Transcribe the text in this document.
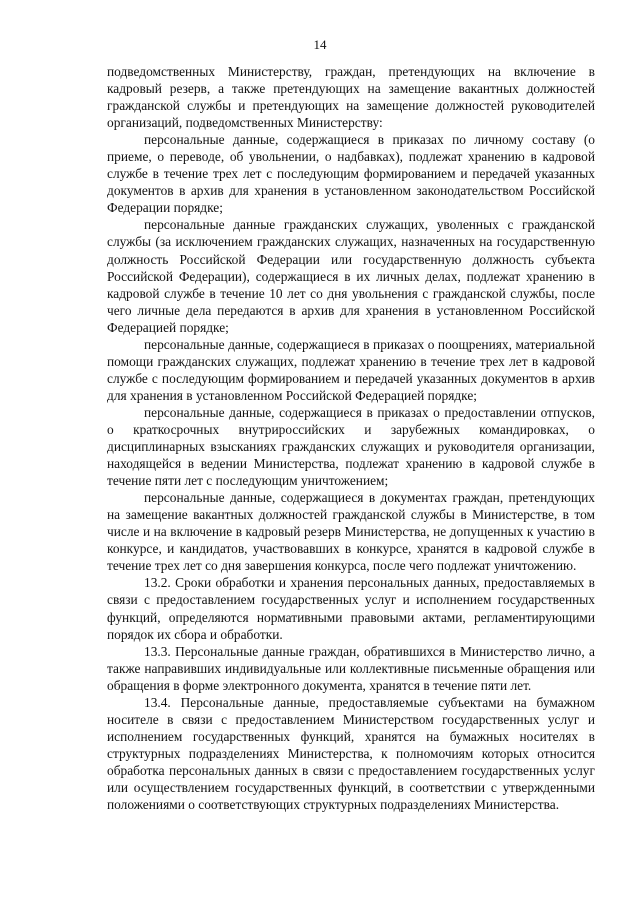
14

подведомственных Министерству, граждан, претендующих на включение в кадровый резерв, а также претендующих на замещение вакантных должностей гражданской службы и претендующих на замещение должностей руководителей организаций, подведомственных Министерству:

персональные данные, содержащиеся в приказах по личному составу (о приеме, о переводе, об увольнении, о надбавках), подлежат хранению в кадровой службе в течение трех лет с последующим формированием и передачей указанных документов в архив для хранения в установленном законодательством Российской Федерации порядке;

персональные данные гражданских служащих, уволенных с гражданской службы (за исключением гражданских служащих, назначенных на государственную должность Российской Федерации или государственную должность субъекта Российской Федерации), содержащиеся в их личных делах, подлежат хранению в кадровой службе в течение 10 лет со дня увольнения с гражданской службы, после чего личные дела передаются в архив для хранения в установленном Российской Федерацией порядке;

персональные данные, содержащиеся в приказах о поощрениях, материальной помощи гражданских служащих, подлежат хранению в течение трех лет в кадровой службе с последующим формированием и передачей указанных документов в архив для хранения в установленном Российской Федерацией порядке;

персональные данные, содержащиеся в приказах о предоставлении отпусков, о краткосрочных внутрироссийских и зарубежных командировках, о дисциплинарных взысканиях гражданских служащих и руководителя организации, находящейся в ведении Министерства, подлежат хранению в кадровой службе в течение пяти лет с последующим уничтожением;

персональные данные, содержащиеся в документах граждан, претендующих на замещение вакантных должностей гражданской службы в Министерстве, в том числе и на включение в кадровый резерв Министерства, не допущенных к участию в конкурсе, и кандидатов, участвовавших в конкурсе, хранятся в кадровой службе в течение трех лет со дня завершения конкурса, после чего подлежат уничтожению.

13.2. Сроки обработки и хранения персональных данных, предоставляемых в связи с предоставлением государственных услуг и исполнением государственных функций, определяются нормативными правовыми актами, регламентирующими порядок их сбора и обработки.

13.3. Персональные данные граждан, обратившихся в Министерство лично, а также направивших индивидуальные или коллективные письменные обращения или обращения в форме электронного документа, хранятся в течение пяти лет.

13.4. Персональные данные, предоставляемые субъектами на бумажном носителе в связи с предоставлением Министерством государственных услуг и исполнением государственных функций, хранятся на бумажных носителях в структурных подразделениях Министерства, к полномочиям которых относится обработка персональных данных в связи с предоставлением государственных услуг или осуществлением государственных функций, в соответствии с утвержденными положениями о соответствующих структурных подразделениях Министерства.
